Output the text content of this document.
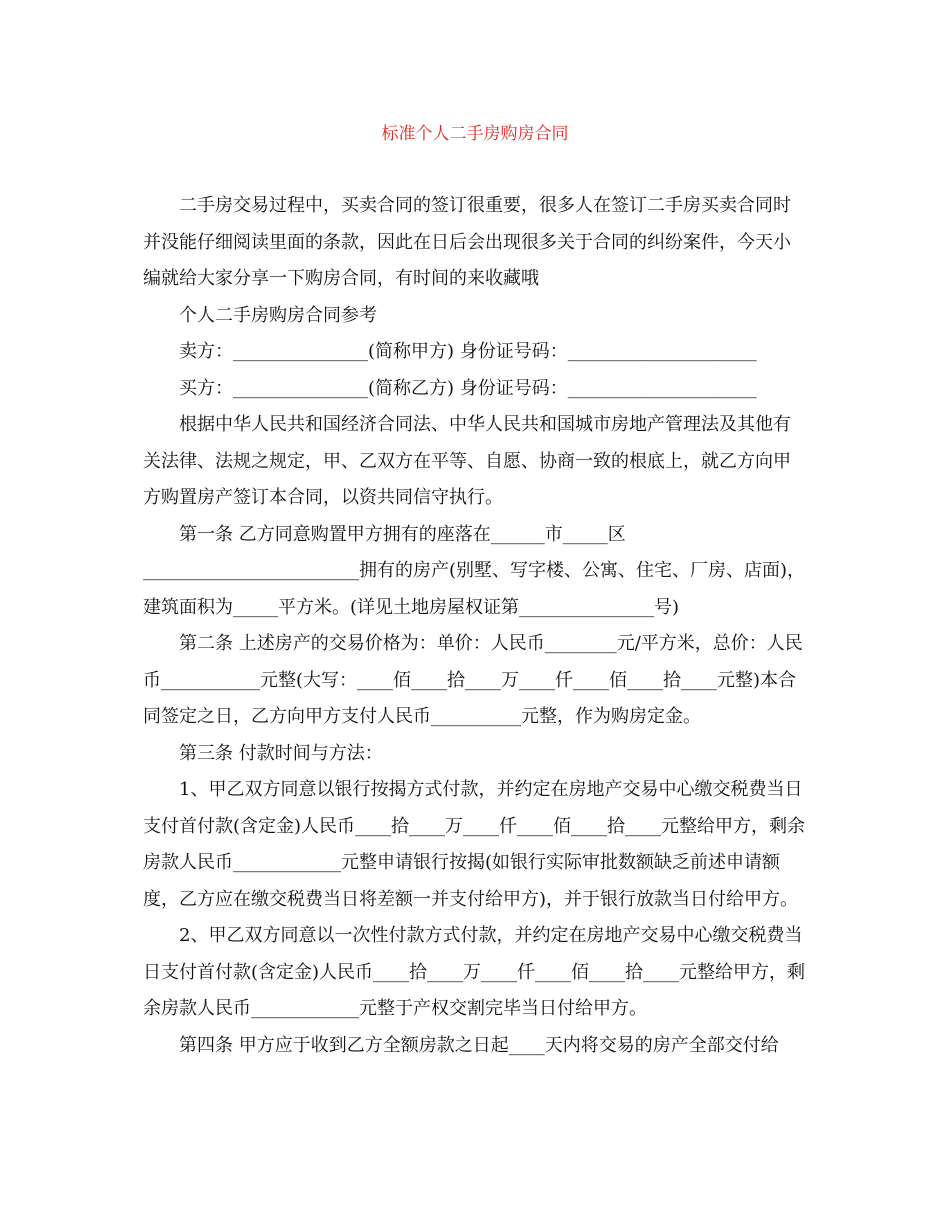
标准个人二手房购房合同

二手房交易过程中，买卖合同的签订很重要，很多人在签订二手房买卖合同时并没能仔细阅读里面的条款，因此在日后会出现很多关于合同的纠纷案件，今天小编就给大家分享一下购房合同，有时间的来收藏哦

个人二手房购房合同参考

卖方：_______________(简称甲方) 身份证号码：_____________________

买方：_______________(简称乙方) 身份证号码：_____________________

根据中华人民共和国经济合同法、中华人民共和国城市房地产管理法及其他有关法律、法规之规定，甲、乙双方在平等、自愿、协商一致的根底上，就乙方向甲方购置房产签订本合同，以资共同信守执行。

第一条 乙方同意购置甲方拥有的座落在______市_____区________________________拥有的房产(别墅、写字楼、公寓、住宅、厂房、店面)，建筑面积为_____平方米。(详见土地房屋权证第_______________号)

第二条 上述房产的交易价格为：单价：人民币________元/平方米，总价：人民币___________元整(大写：____佰____拾____万____仟____佰____拾____元整)本合同签定之日，乙方向甲方支付人民币__________元整，作为购房定金。

第三条 付款时间与方法：

1、甲乙双方同意以银行按揭方式付款，并约定在房地产交易中心缴交税费当日支付首付款(含定金)人民币____拾____万____仟____佰____拾____元整给甲方，剩余房款人民币____________元整申请银行按揭(如银行实际审批数额缺乏前述申请额度，乙方应在缴交税费当日将差额一并支付给甲方)，并于银行放款当日付给甲方。

2、甲乙双方同意以一次性付款方式付款，并约定在房地产交易中心缴交税费当日支付首付款(含定金)人民币____拾____万____仟____佰____拾____元整给甲方，剩余房款人民币____________元整于产权交割完毕当日付给甲方。

第四条 甲方应于收到乙方全额房款之日起____天内将交易的房产全部交付给
